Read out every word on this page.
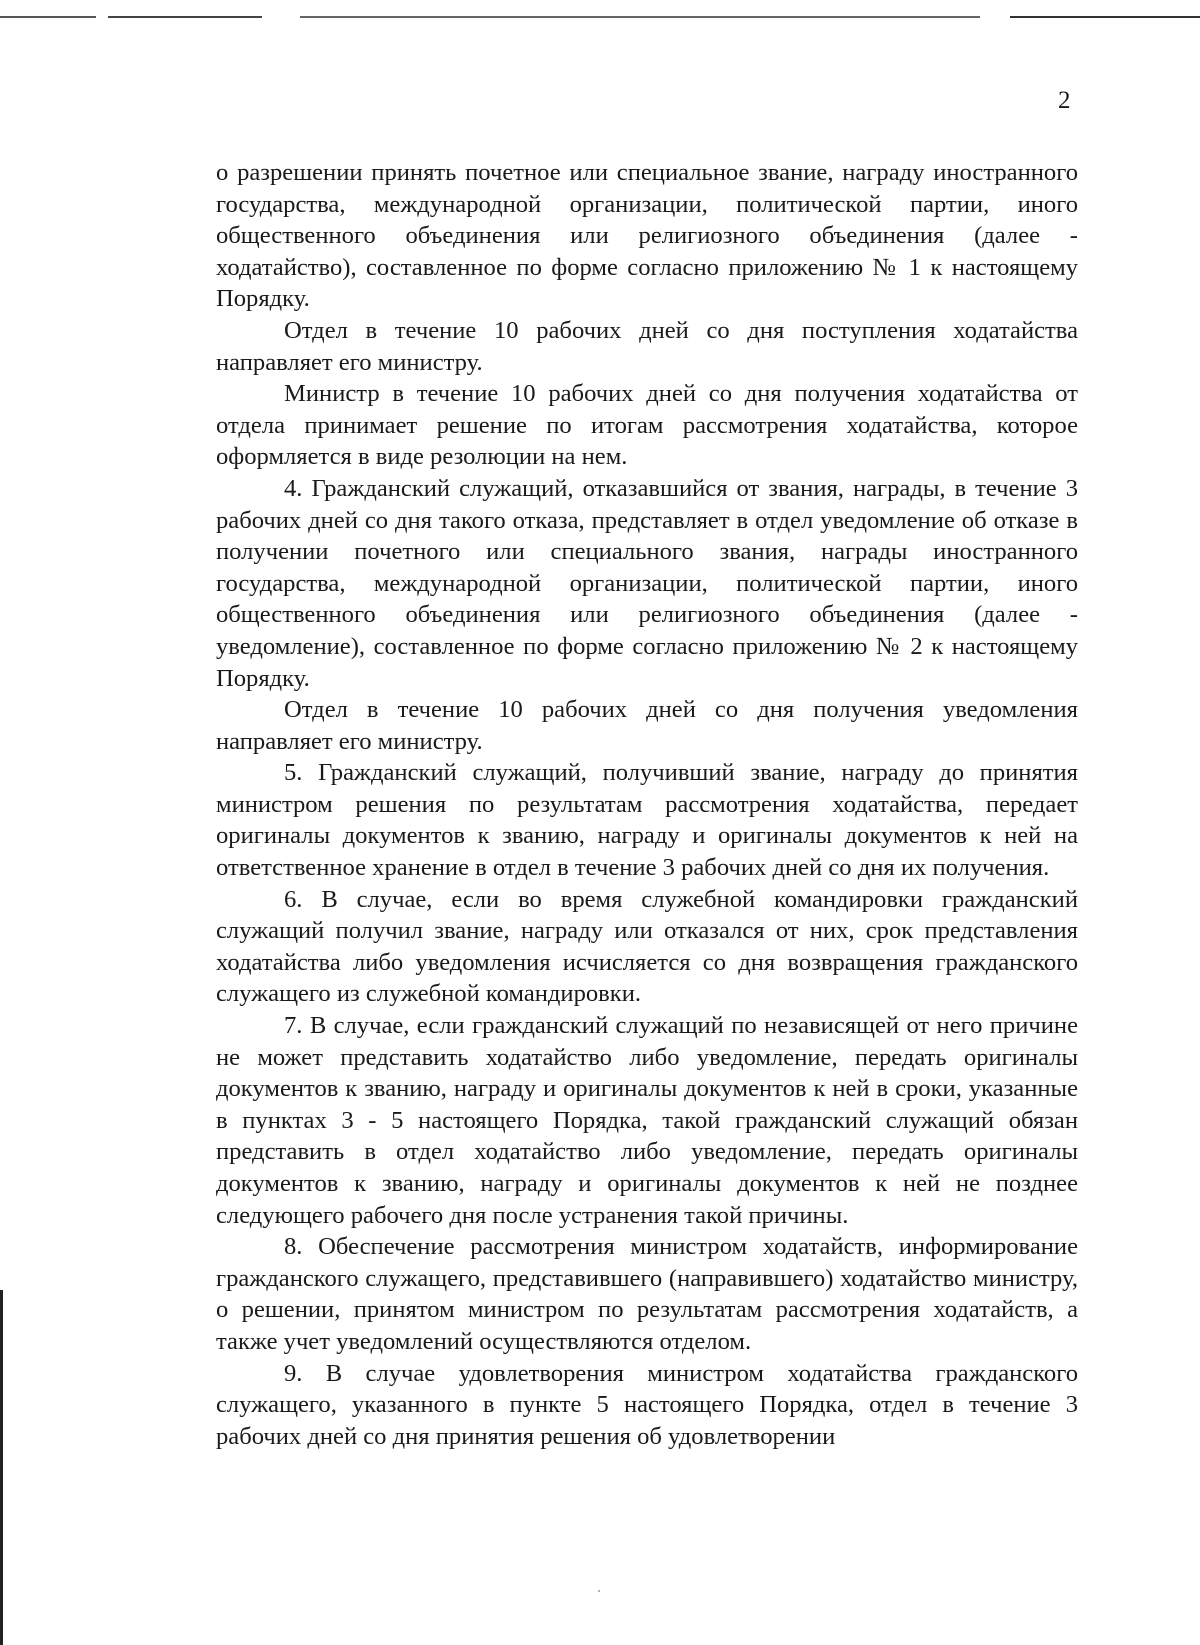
2

о разрешении принять почетное или специальное звание, награду иностранного государства, международной организации, политической партии, иного общественного объединения или религиозного объединения (далее - ходатайство), составленное по форме согласно приложению № 1 к настоящему Порядку.

Отдел в течение 10 рабочих дней со дня поступления ходатайства направляет его министру.

Министр в течение 10 рабочих дней со дня получения ходатайства от отдела принимает решение по итогам рассмотрения ходатайства, которое оформляется в виде резолюции на нем.

4. Гражданский служащий, отказавшийся от звания, награды, в течение 3 рабочих дней со дня такого отказа, представляет в отдел уведомление об отказе в получении почетного или специального звания, награды иностранного государства, международной организации, политической партии, иного общественного объединения или религиозного объединения (далее - уведомление), составленное по форме согласно приложению № 2 к настоящему Порядку.

Отдел в течение 10 рабочих дней со дня получения уведомления направляет его министру.

5. Гражданский служащий, получивший звание, награду до принятия министром решения по результатам рассмотрения ходатайства, передает оригиналы документов к званию, награду и оригиналы документов к ней на ответственное хранение в отдел в течение 3 рабочих дней со дня их получения.

6. В случае, если во время служебной командировки гражданский служащий получил звание, награду или отказался от них, срок представления ходатайства либо уведомления исчисляется со дня возвращения гражданского служащего из служебной командировки.

7. В случае, если гражданский служащий по независящей от него причине не может представить ходатайство либо уведомление, передать оригиналы документов к званию, награду и оригиналы документов к ней в сроки, указанные в пунктах 3 - 5 настоящего Порядка, такой гражданский служащий обязан представить в отдел ходатайство либо уведомление, передать оригиналы документов к званию, награду и оригиналы документов к ней не позднее следующего рабочего дня после устранения такой причины.

8. Обеспечение рассмотрения министром ходатайств, информирование гражданского служащего, представившего (направившего) ходатайство министру, о решении, принятом министром по результатам рассмотрения ходатайств, а также учет уведомлений осуществляются отделом.

9. В случае удовлетворения министром ходатайства гражданского служащего, указанного в пункте 5 настоящего Порядка, отдел в течение 3 рабочих дней со дня принятия решения об удовлетворении
